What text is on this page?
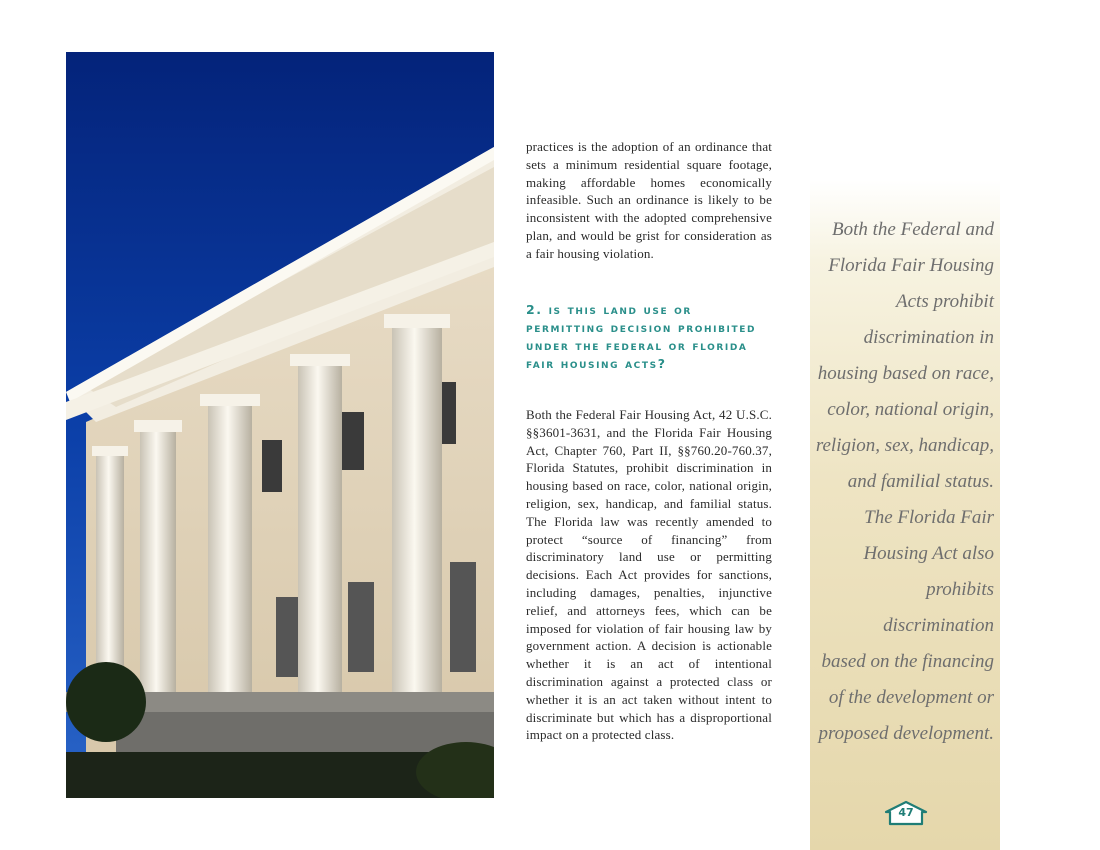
practices is the adoption of an ordinance that sets a minimum residential square footage, making affordable homes economically infeasible. Such an ordinance is likely to be inconsistent with the adopted comprehensive plan, and would be grist for consideration as a fair housing violation.

2. is this land use or permitting decision prohibited under the federal or florida fair housing acts?

Both the Federal Fair Housing Act, 42 U.S.C. §§3601-3631, and the Florida Fair Housing Act, Chapter 760, Part II, §§760.20-760.37, Florida Statutes, prohibit discrimination in housing based on race, color, national origin, religion, sex, handicap, and familial status. The Florida law was recently amended to protect “source of financing” from discriminatory land use or permitting decisions. Each Act provides for sanctions, including damages, penalties, injunctive relief, and attorneys fees, which can be imposed for violation of fair housing law by government action. A decision is actionable whether it is an act of intentional discrimination against a protected class or whether it is an act taken without intent to discriminate but which has a disproportional impact on a protected class.

Both the Federal and
Florida Fair Housing
Acts prohibit
discrimination in
housing based on race,
color, national origin,
religion, sex, handicap,
and familial status.
The Florida Fair
Housing Act also
prohibits discrimination
based on the financing
of the development or
proposed development.

47
